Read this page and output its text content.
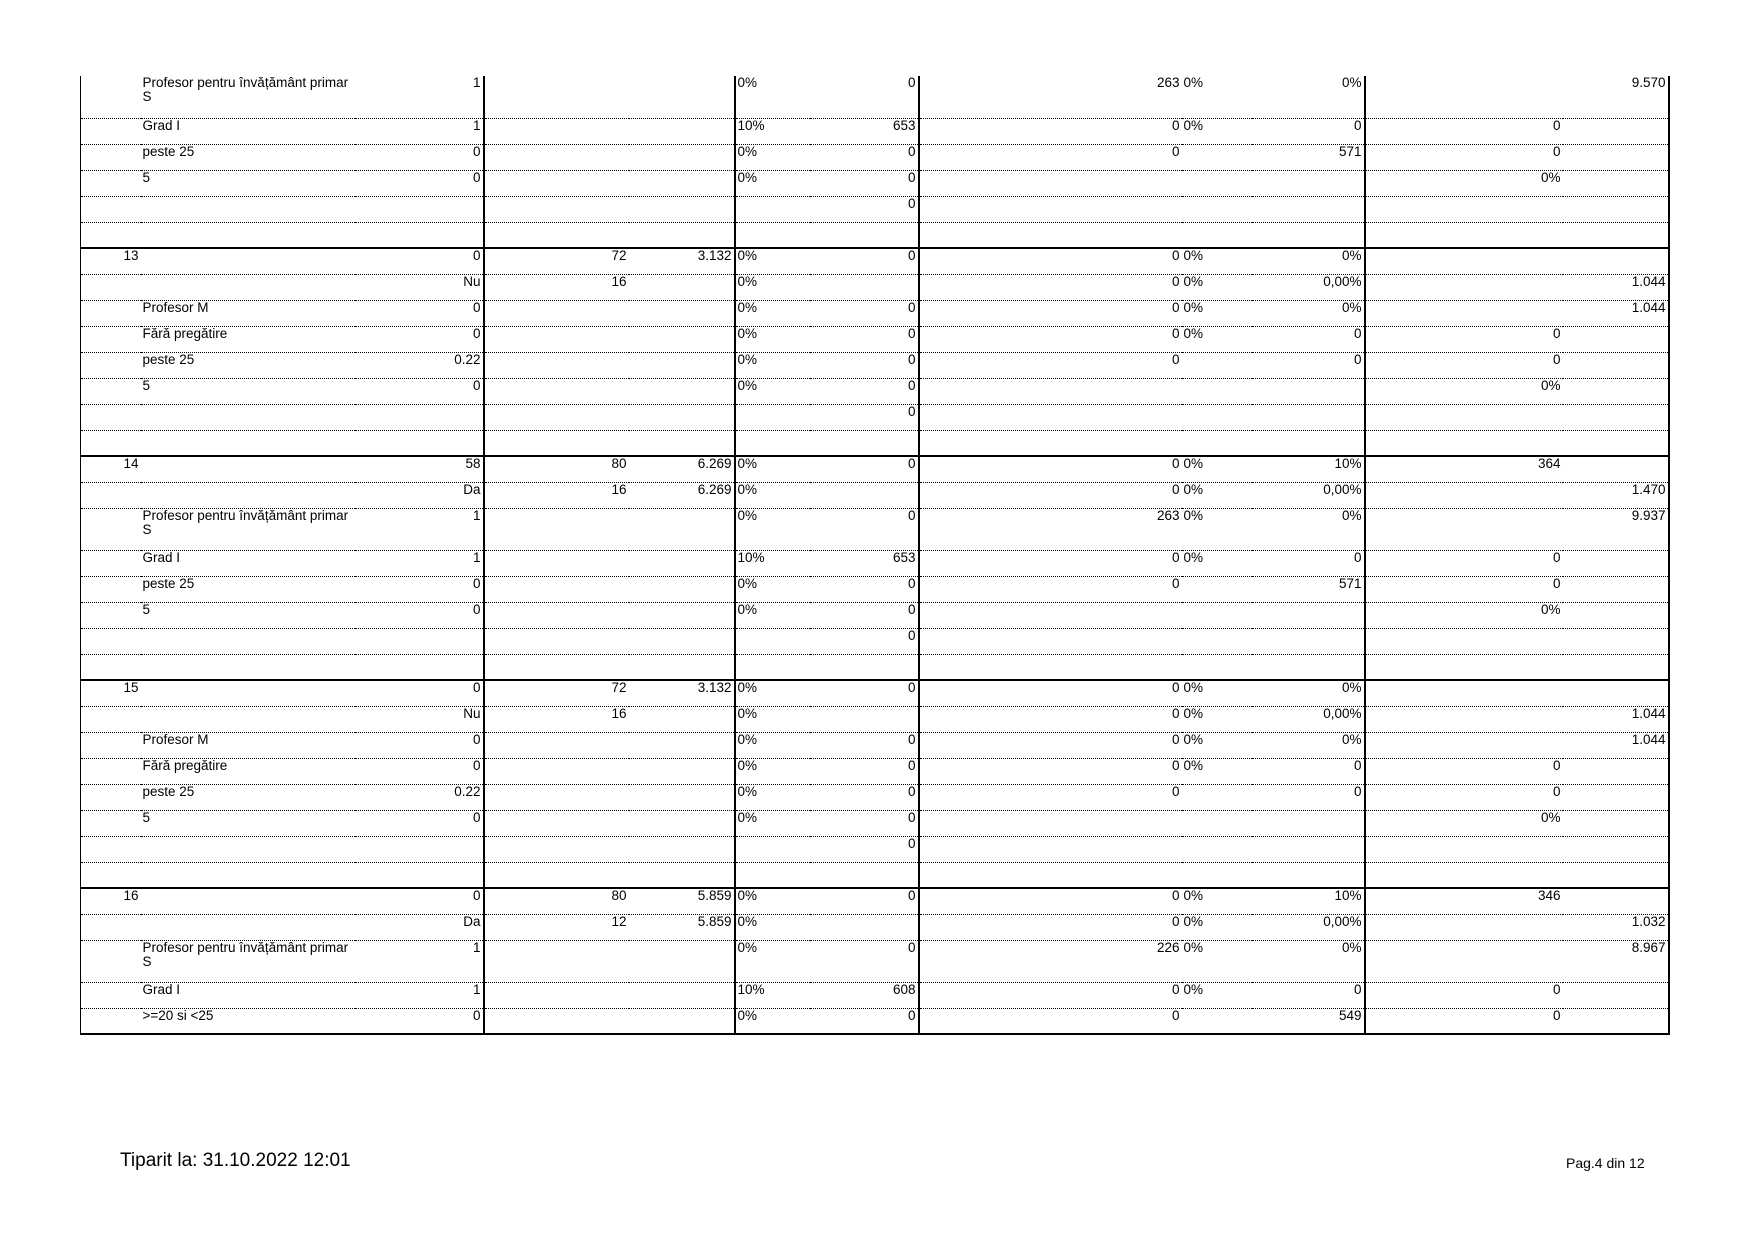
	Profesor pentru învățământ primar S	1			0%	0	263	0%	0%		9.570
	Grad I	1			10%	653	0	0%	0	0	
	peste 25	0			0%	0	0		571	0	
	5	0			0%	0				0%	
						0					

13		0	72	3.132	0%	0	0	0%	0%		
		Nu	16		0%		0	0%	0,00%		1.044
	Profesor M	0			0%	0	0	0%	0%		1.044
	Fără pregătire	0			0%	0	0	0%	0	0	
	peste 25	0.22			0%	0	0		0	0	
	5	0			0%	0				0%	
						0					

14		58	80	6.269	0%	0	0	0%	10%	364	
		Da	16	6.269	0%		0	0%	0,00%		1.470
	Profesor pentru învățământ primar S	1			0%	0	263	0%	0%		9.937
	Grad I	1			10%	653	0	0%	0	0	
	peste 25	0			0%	0	0		571	0	
	5	0			0%	0				0%	
						0					

15		0	72	3.132	0%	0	0	0%	0%		
		Nu	16		0%		0	0%	0,00%		1.044
	Profesor M	0			0%	0	0	0%	0%		1.044
	Fără pregătire	0			0%	0	0	0%	0	0	
	peste 25	0.22			0%	0	0		0	0	
	5	0			0%	0				0%	
						0					

16		0	80	5.859	0%	0	0	0%	10%	346	
		Da	12	5.859	0%		0	0%	0,00%		1.032
	Profesor pentru învățământ primar S	1			0%	0	226	0%	0%		8.967
	Grad I	1			10%	608	0	0%	0	0	
	>=20 si <25	0			0%	0	0		549	0	
Tiparit la: 31.10.2022 12:01	Pag.4 din 12
